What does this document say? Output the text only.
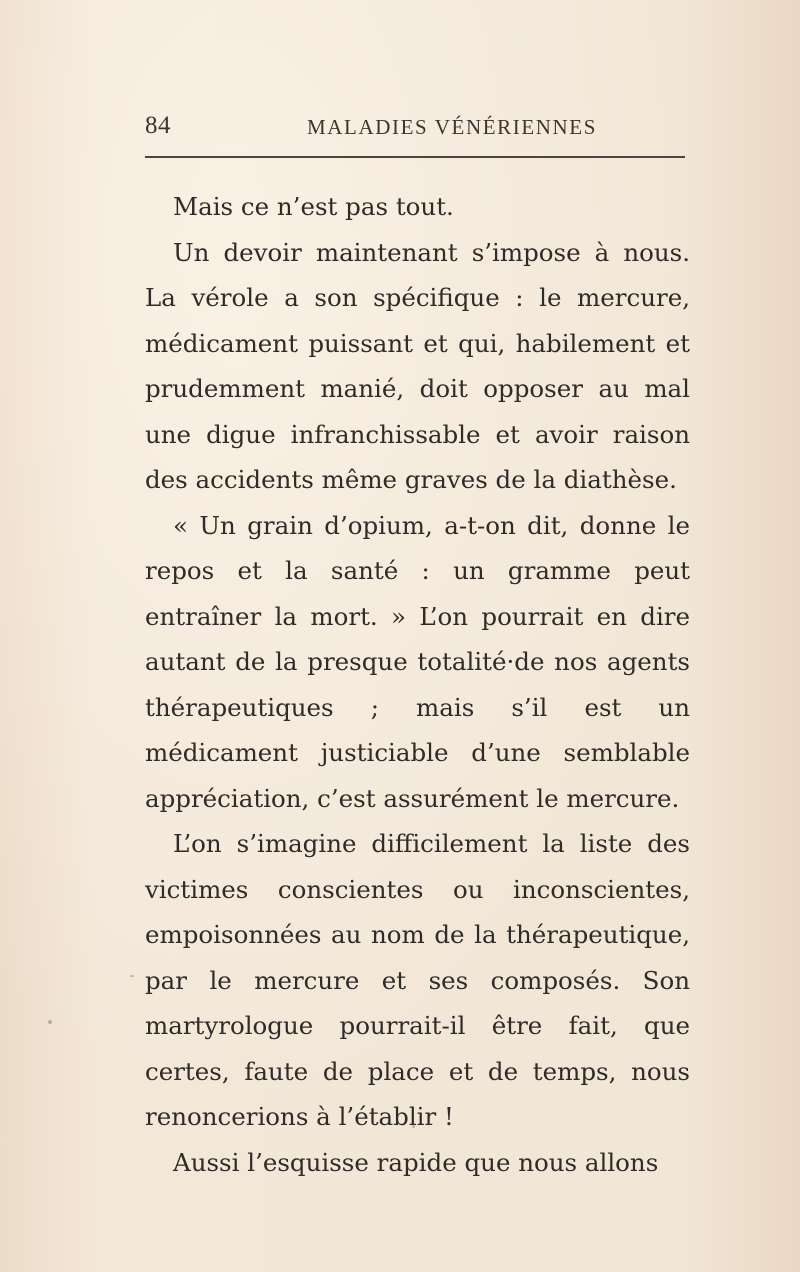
84	MALADIES VÉNÉRIENNES

Mais ce n’est pas tout.

Un devoir maintenant s’impose à nous. La vérole a son spécifique : le mercure, médicament puissant et qui, habilement et prudemment manié, doit opposer au mal une digue infranchissable et avoir raison des accidents même graves de la diathèse.

« Un grain d’opium, a-t-on dit, donne le repos et la santé : un gramme peut entraîner la mort. » L’on pourrait en dire autant de la presque totalité·de nos agents thérapeutiques ; mais s’il est un médicament justiciable d’une semblable appréciation, c’est assurément le mercure.

L’on s’imagine difficilement la liste des victimes conscientes ou inconscientes, empoisonnées au nom de la thérapeutique, par le mercure et ses composés. Son martyrologue pourrait-il être fait, que certes, faute de place et de temps, nous renoncerions à l’établir !

Aussi l’esquisse rapide que nous allons
